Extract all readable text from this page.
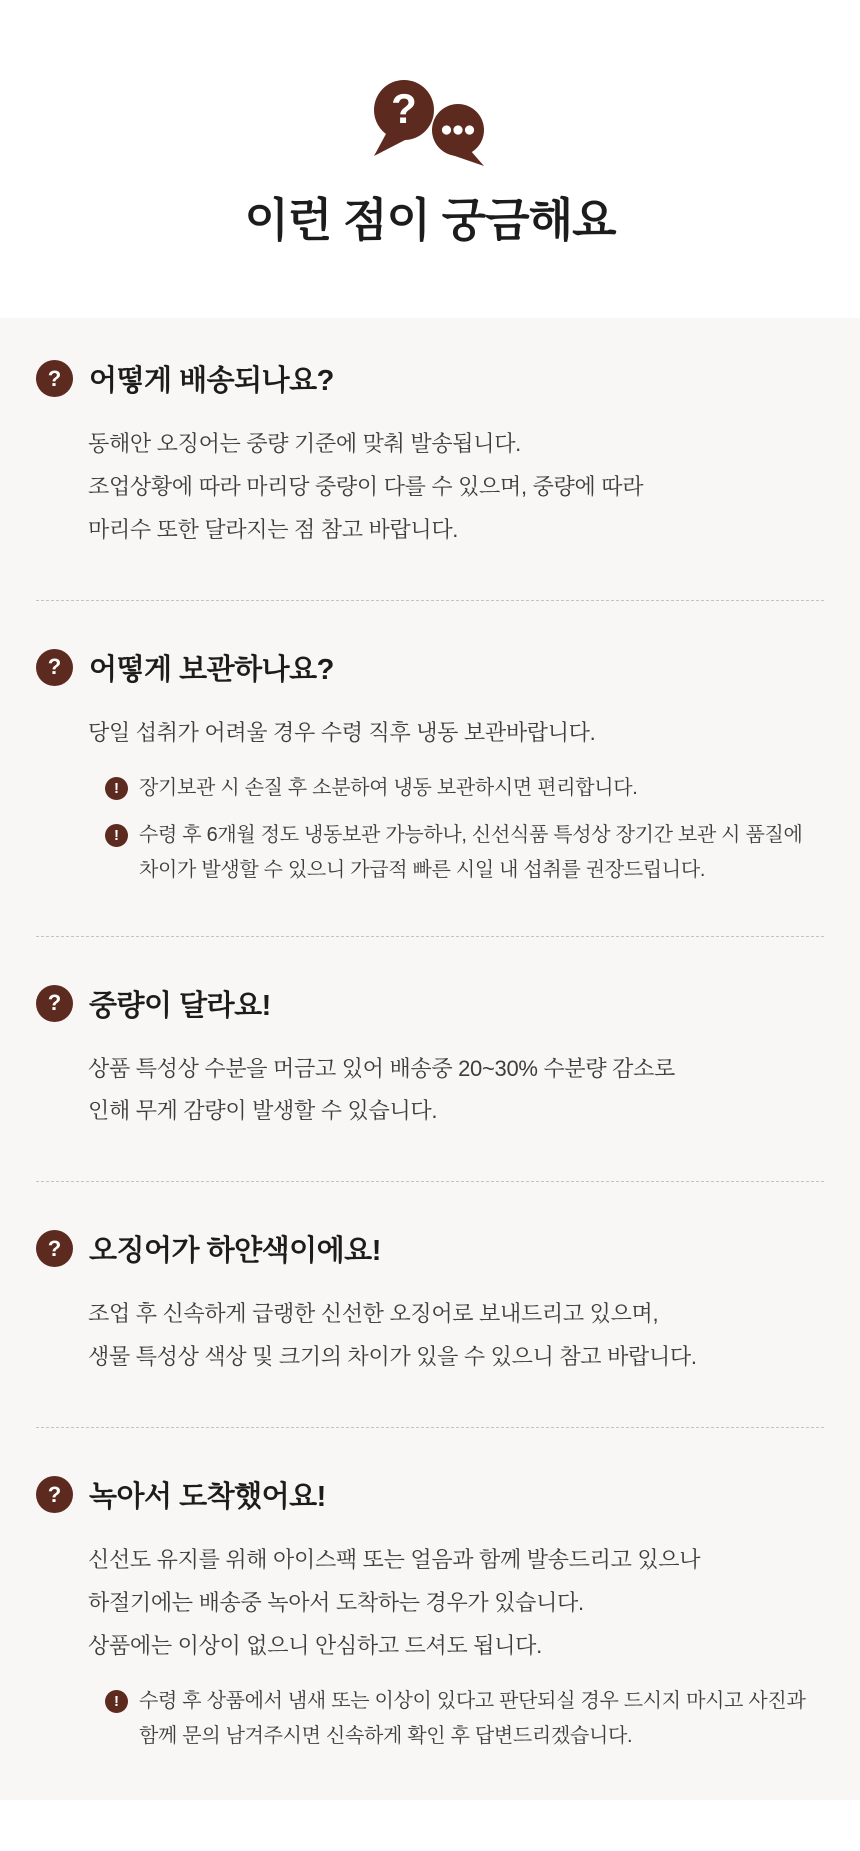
?
이런 점이 궁금해요
? 어떻게 배송되나요?

동해안 오징어는 중량 기준에 맞춰 발송됩니다.

조업상황에 따라 마리당 중량이 다를 수 있으며, 중량에 따라

마리수 또한 달라지는 점 참고 바랍니다.

? 어떻게 보관하나요?

당일 섭취가 어려울 경우 수령 직후 냉동 보관바랍니다.

!	장기보관 시 손질 후 소분하여 냉동 보관하시면 편리합니다.

!	수령 후 6개월 정도 냉동보관 가능하나, 신선식품 특성상 장기간 보관 시 품질에 차이가 발생할 수 있으니 가급적 빠른 시일 내 섭취를 권장드립니다.

? 중량이 달라요!

상품 특성상 수분을 머금고 있어 배송중 20~30% 수분량 감소로

인해 무게 감량이 발생할 수 있습니다.

? 오징어가 하얀색이에요!

조업 후 신속하게 급랭한 신선한 오징어로 보내드리고 있으며,

생물 특성상 색상 및 크기의 차이가 있을 수 있으니 참고 바랍니다.

? 녹아서 도착했어요!

신선도 유지를 위해 아이스팩 또는 얼음과 함께 발송드리고 있으나

하절기에는 배송중 녹아서 도착하는 경우가 있습니다.

상품에는 이상이 없으니 안심하고 드셔도 됩니다.

!	수령 후 상품에서 냄새 또는 이상이 있다고 판단되실 경우 드시지 마시고 사진과 함께 문의 남겨주시면 신속하게 확인 후 답변드리겠습니다.
